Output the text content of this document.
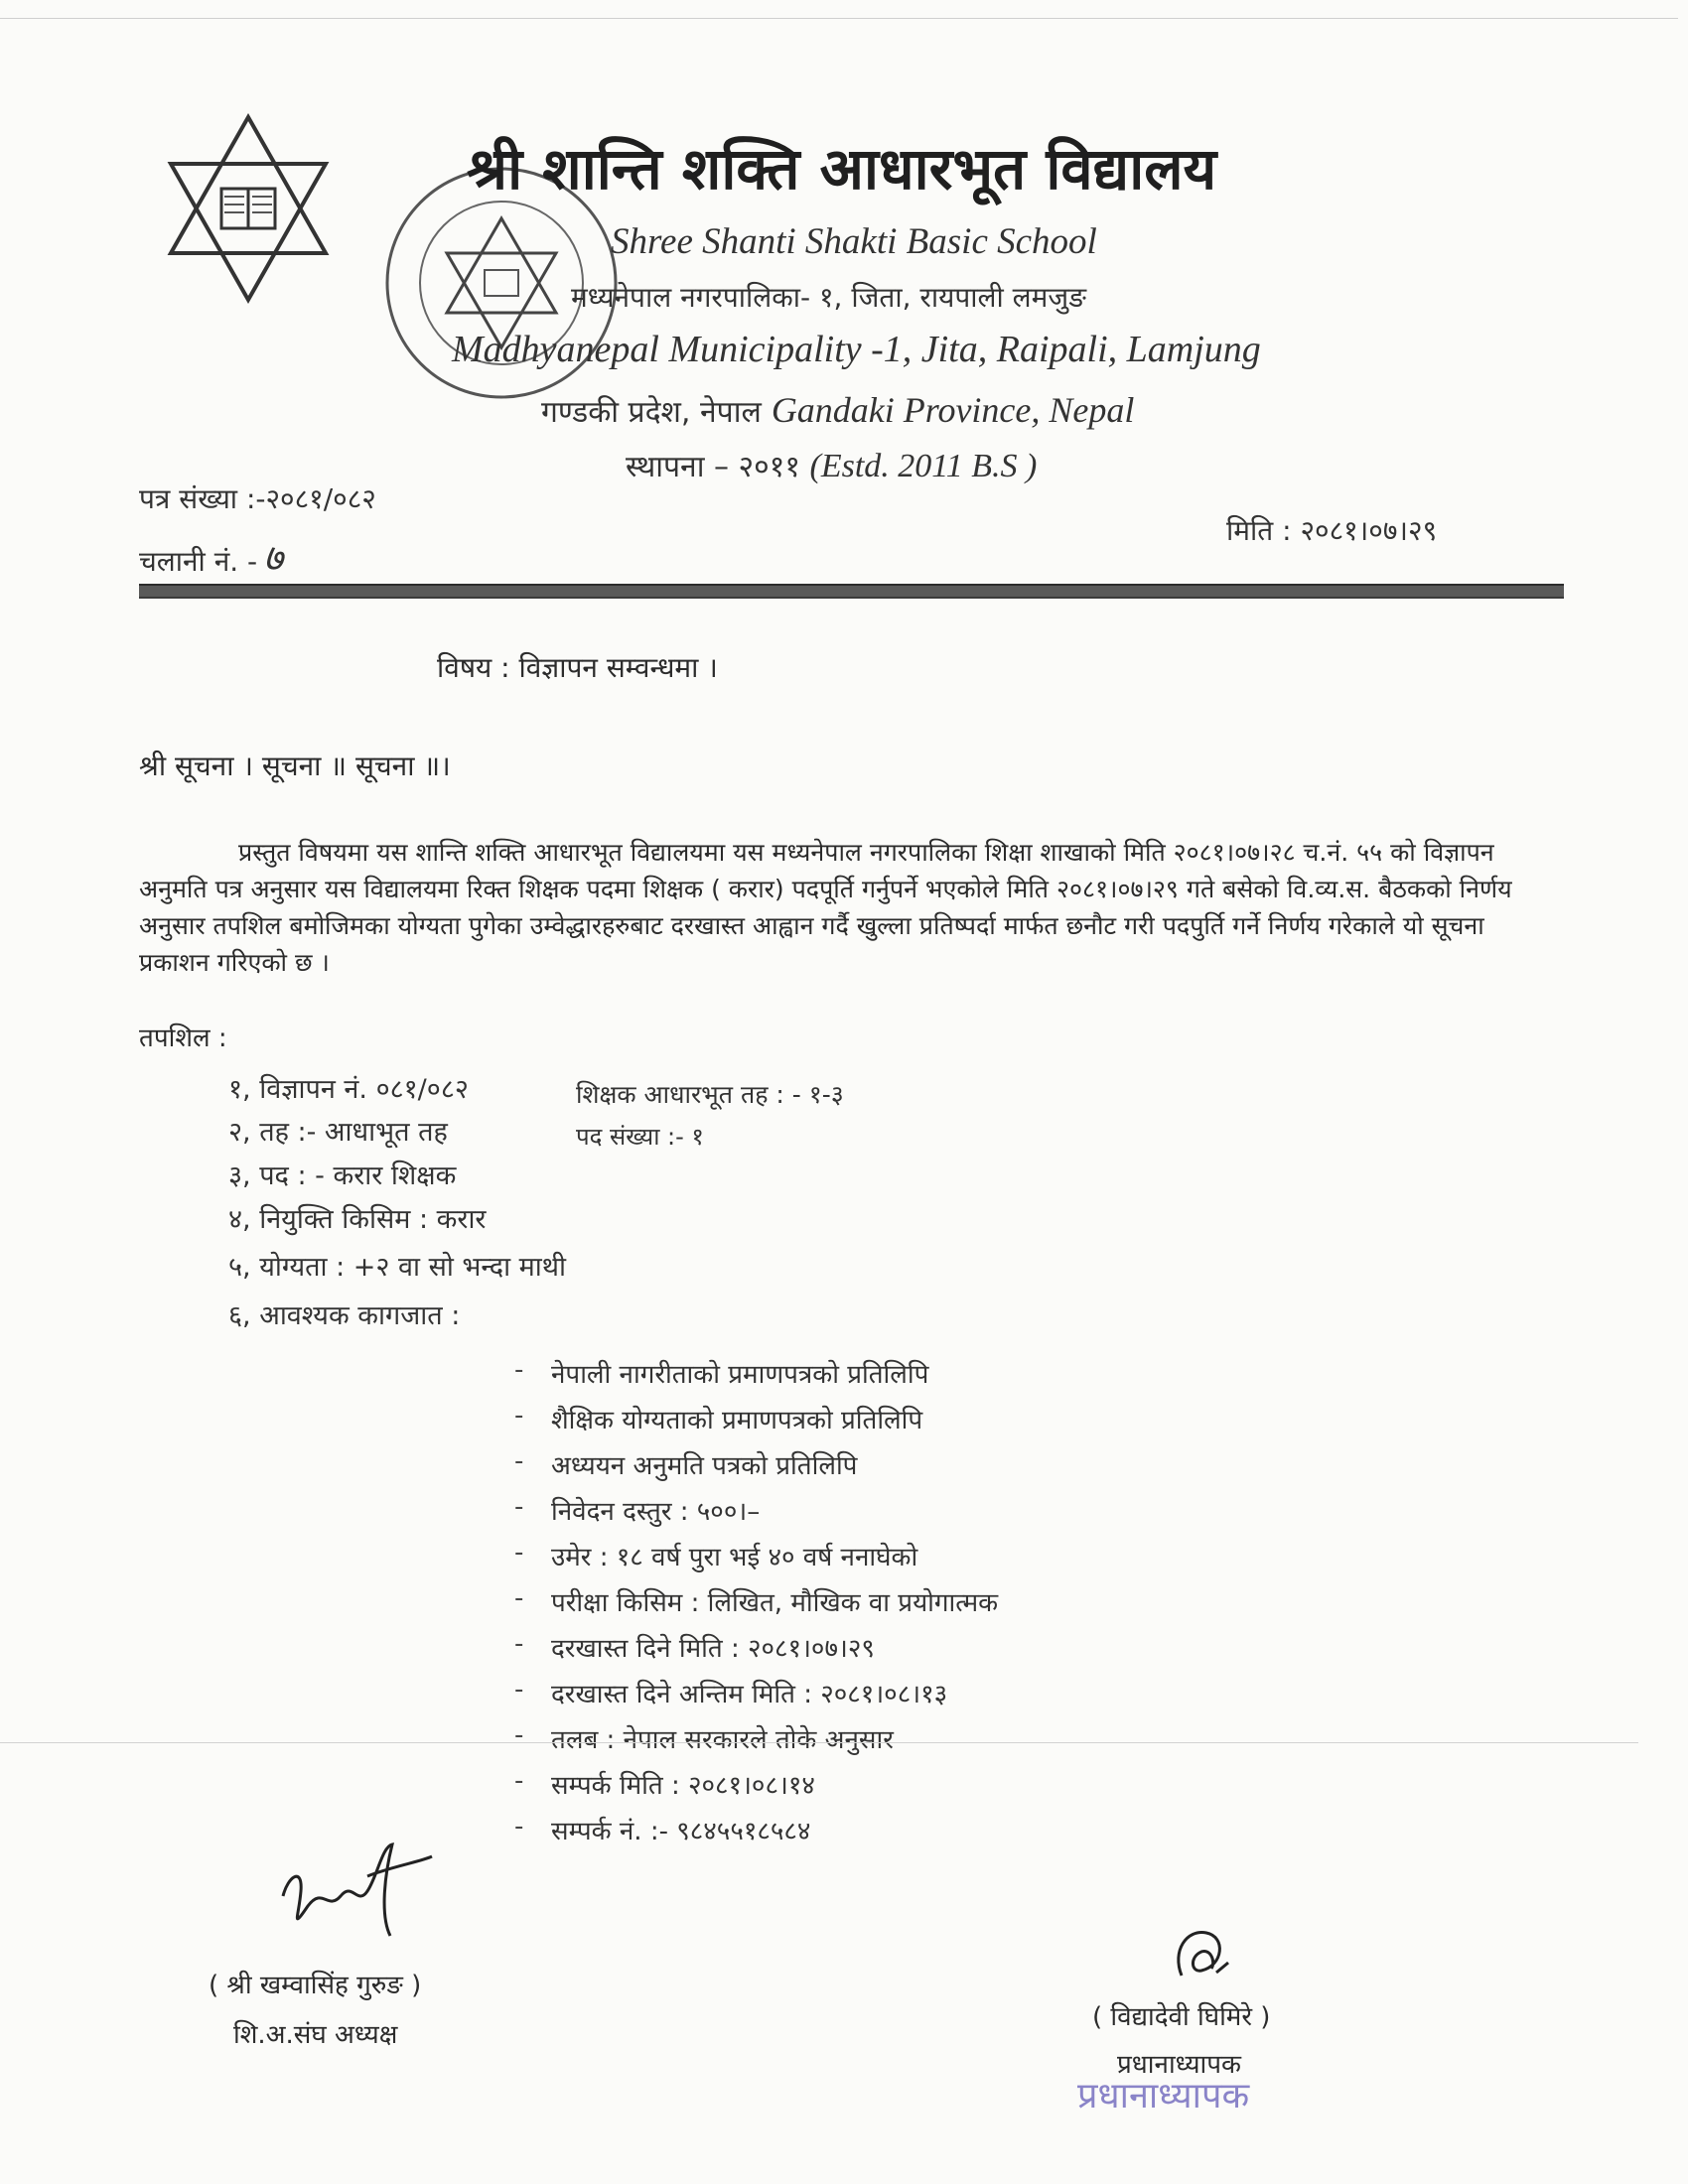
श्री शान्ति शक्ति आधारभूत विद्यालय
Shree Shanti Shakti Basic School
मध्यनेपाल नगरपालिका- १, जिता, रायपाली लमजुङ
Madhyanepal Municipality -1, Jita, Raipali, Lamjung
गण्डकी प्रदेश, नेपाल Gandaki Province, Nepal
स्थापना – २०११ (Estd. 2011 B.S )
पत्र संख्या :-२०८१/०८२
चलानी नं. - ७
मिति : २०८१।०७।२९
विषय : विज्ञापन सम्वन्धमा ।
श्री सूचना । सूचना ॥ सूचना ॥।

प्रस्तुत विषयमा यस शान्ति शक्ति आधारभूत विद्यालयमा यस मध्यनेपाल नगरपालिका शिक्षा शाखाको मिति २०८१।०७।२८ च.नं. ५५ को विज्ञापन अनुमति पत्र अनुसार यस विद्यालयमा रिक्त शिक्षक पदमा शिक्षक ( करार) पदपूर्ति गर्नुपर्ने भएकोले मिति २०८१।०७।२९ गते बसेको वि.व्य.स. बैठकको निर्णय अनुसार तपशिल बमोजिमका योग्यता पुगेका उम्वेद्धारहरुबाट दरखास्त आह्वान गर्दै खुल्ला प्रतिष्पर्दा मार्फत छनौट गरी पदपुर्ति गर्ने निर्णय गरेकाले यो सूचना प्रकाशन गरिएको छ ।

तपशिल :
१, विज्ञापन नं. ०८१/०८२	शिक्षक आधारभूत तह : - १-३
२, तह :- आधाभूत तह	पद संख्या :- १
३, पद : - करार शिक्षक
४, नियुक्ति किसिम : करार
५, योग्यता : +२ वा सो भन्दा माथी
६, आवश्यक कागजात :
- नेपाली नागरीताको प्रमाणपत्रको प्रतिलिपि
- शैक्षिक योग्यताको प्रमाणपत्रको प्रतिलिपि
- अध्ययन अनुमति पत्रको प्रतिलिपि
- निवेदन दस्तुर : ५००।–
- उमेर : १८ वर्ष पुरा भई ४० वर्ष ननाघेको
- परीक्षा किसिम : लिखित, मौखिक वा प्रयोगात्मक
- दरखास्त दिने मिति : २०८१।०७।२९
- दरखास्त दिने अन्तिम मिति : २०८१।०८।१३
- तलब : नेपाल सरकारले तोके अनुसार
- सम्पर्क मिति : २०८१।०८।१४
- सम्पर्क नं. :- ९८४५५१८५८४
( श्री खम्वासिंह गुरुङ )
शि.अ.संघ अध्यक्ष
( विद्यादेवी घिमिरे )
प्रधानाध्यापक
प्रधानाध्यापक
